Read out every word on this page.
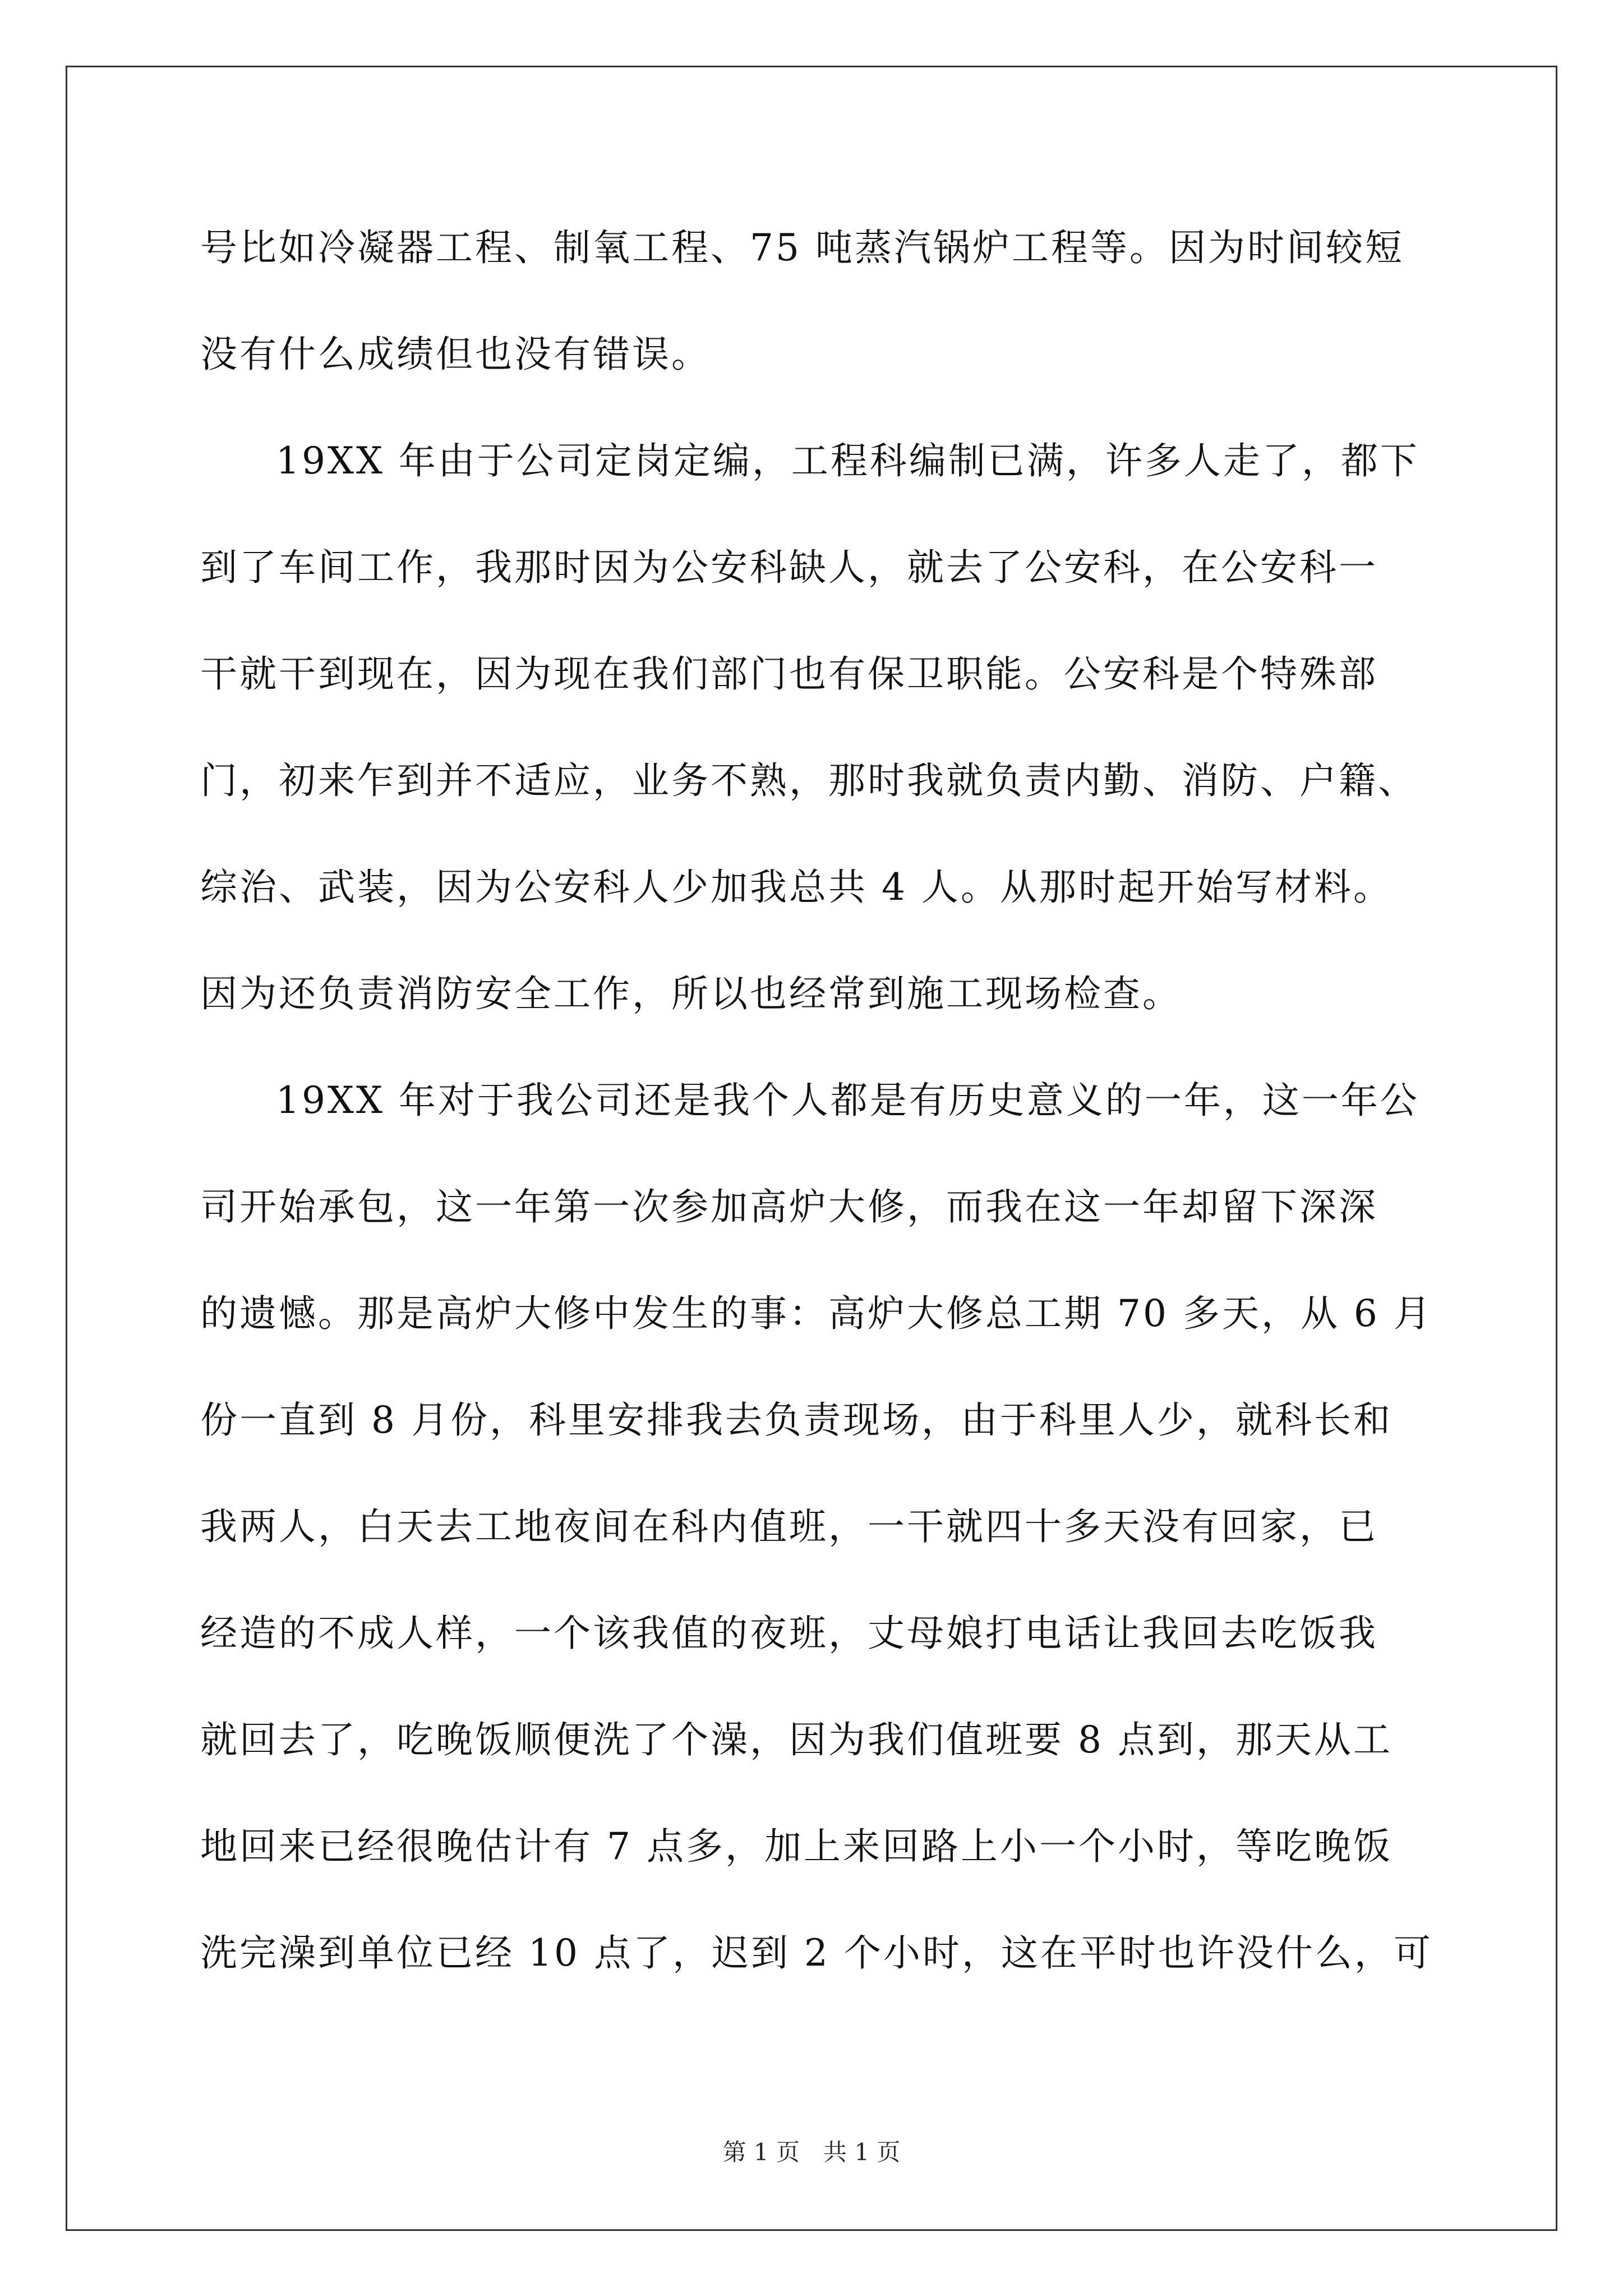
号比如冷凝器工程、制氧工程、75 吨蒸汽锅炉工程等。因为时间较短
没有什么成绩但也没有错误。
19XX 年由于公司定岗定编，工程科编制已满，许多人走了，都下
到了车间工作，我那时因为公安科缺人，就去了公安科，在公安科一
干就干到现在，因为现在我们部门也有保卫职能。公安科是个特殊部
门，初来乍到并不适应，业务不熟，那时我就负责内勤、消防、户籍、
综治、武装，因为公安科人少加我总共 4 人。从那时起开始写材料。
因为还负责消防安全工作，所以也经常到施工现场检查。
19XX 年对于我公司还是我个人都是有历史意义的一年，这一年公
司开始承包，这一年第一次参加高炉大修，而我在这一年却留下深深
的遗憾。那是高炉大修中发生的事：高炉大修总工期 70 多天，从 6 月
份一直到 8 月份，科里安排我去负责现场，由于科里人少，就科长和
我两人，白天去工地夜间在科内值班，一干就四十多天没有回家，已
经造的不成人样，一个该我值的夜班，丈母娘打电话让我回去吃饭我
就回去了，吃晚饭顺便洗了个澡，因为我们值班要 8 点到，那天从工
地回来已经很晚估计有 7 点多，加上来回路上小一个小时，等吃晚饭
洗完澡到单位已经 10 点了，迟到 2 个小时，这在平时也许没什么，可
第 1 页　共 1 页
